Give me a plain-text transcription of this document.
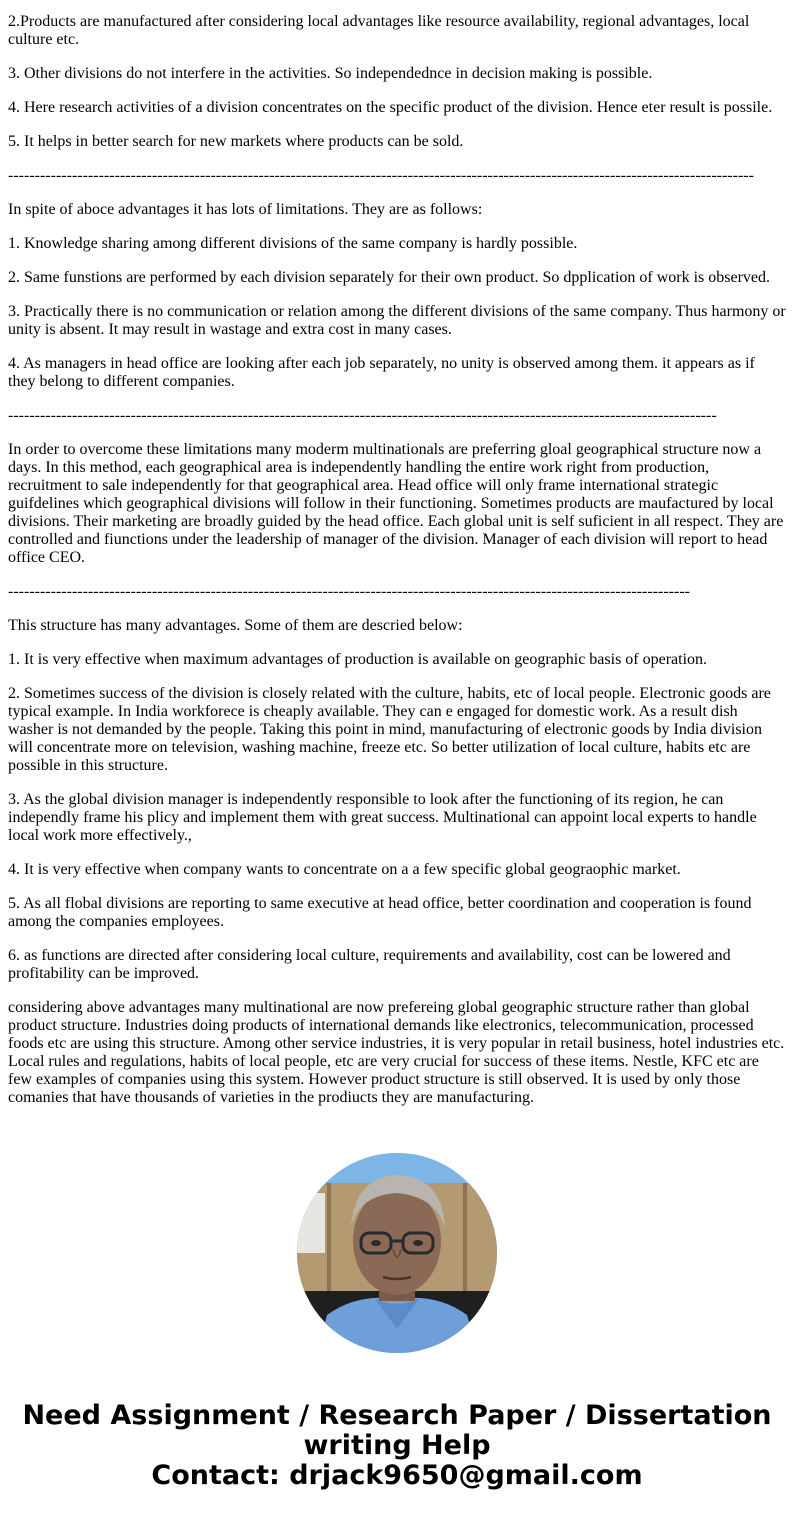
2.Products are manufactured after considering local advantages like resource availability, regional advantages, local culture etc.

3. Other divisions do not interfere in the activities. So independednce in decision making is possible.

4. Here research activities of a division concentrates on the specific product of the division. Hence eter result is possile.

5. It helps in better search for new markets where products can be sold.

--------------------------------------------------------------------------------------------------------------------------------------------

In spite of aboce advantages it has lots of limitations. They are as follows:

1. Knowledge sharing among different divisions of the same company is hardly possible.

2. Same funstions are performed by each division separately for their own product. So dpplication of work is observed.

3. Practically there is no communication or relation among the different divisions of the same company. Thus harmony or unity is absent. It may result in wastage and extra cost in many cases.

4. As managers in head office are looking after each job separately, no unity is observed among them. it appears as if they belong to different companies.

-------------------------------------------------------------------------------------------------------------------------------------

In order to overcome these limitations many moderm multinationals are preferring gloal geographical structure now a days. In this method, each geographical area is independently handling the entire work right from production, recruitment to sale independently for that geographical area. Head office will only frame international strategic guifdelines which geographical divisions will follow in their functioning. Sometimes products are maufactured by local divisions. Their marketing are broadly guided by the head office. Each global unit is self suficient in all respect. They are controlled and fiunctions under the leadership of manager of the division. Manager of each division will report to head office CEO.

--------------------------------------------------------------------------------------------------------------------------------

This structure has many advantages. Some of them are descried below:

1. It is very effective when maximum advantages of production is available on geographic basis of operation.

2. Sometimes success of the division is closely related with the culture, habits, etc of local people. Electronic goods are typical example. In India workforece is cheaply available. They can e engaged for domestic work. As a result dish washer is not demanded by the people. Taking this point in mind, manufacturing of electronic goods by India division will concentrate more on television, washing machine, freeze etc. So better utilization of local culture, habits etc are possible in this structure.

3. As the global division manager is independently responsible to look after the functioning of its region, he can independly frame his plicy and implement them with great success. Multinational can appoint local experts to handle local work more effectively.,

4. It is very effective when company wants to concentrate on a a few specific global geograophic market.

5. As all flobal divisions are reporting to same executive at head office, better coordination and cooperation is found among the companies employees.

6. as functions are directed after considering local culture, requirements and availability, cost can be lowered and profitability can be improved.

considering above advantages many multinational are now prefereing global geographic structure rather than global product structure. Industries doing products of international demands like electronics, telecommunication, processed foods etc are using this structure. Among other service industries, it is very popular in retail business, hotel industries etc. Local rules and regulations, habits of local people, etc are very crucial for success of these items. Nestle, KFC etc are few examples of companies using this system. However product structure is still observed. It is used by only those comanies that have thousands of varieties in the prodiucts they are manufacturing.

Need Assignment / Research Paper / Dissertation
writing Help
Contact: drjack9650@gmail.com
